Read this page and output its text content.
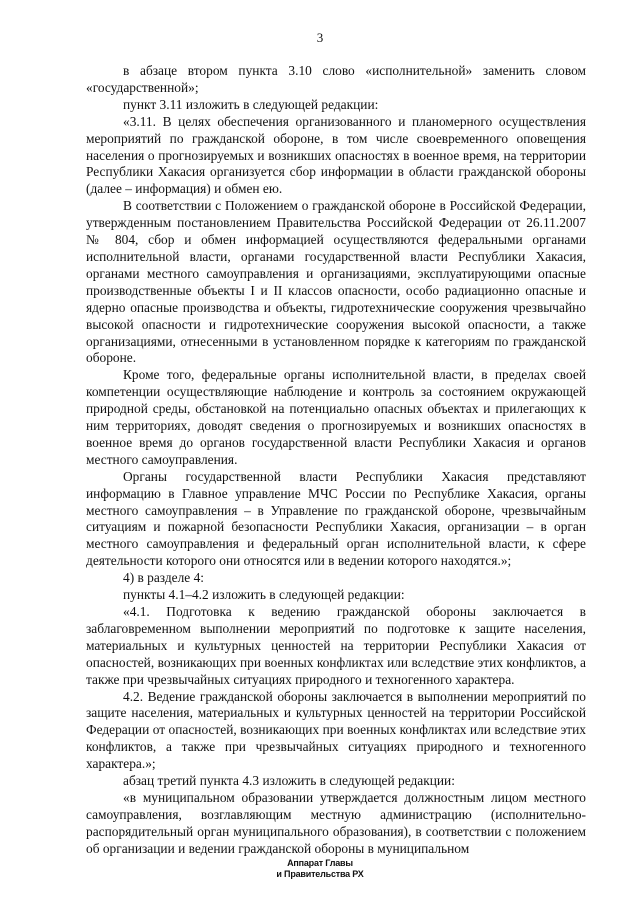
3

в абзаце втором пункта 3.10 слово «исполнительной» заменить словом «государственной»;

пункт 3.11 изложить в следующей редакции:

«3.11. В целях обеспечения организованного и планомерного осуществления мероприятий по гражданской обороне, в том числе своевременного оповещения населения о прогнозируемых и возникших опасностях в военное время, на территории Республики Хакасия организуется сбор информации в области гражданской обороны (далее – информация) и обмен ею.

В соответствии с Положением о гражданской обороне в Российской Федерации, утвержденным постановлением Правительства Российской Федерации от 26.11.2007 № 804, сбор и обмен информацией осуществляются федеральными органами исполнительной власти, органами государственной власти Республики Хакасия, органами местного самоуправления и организациями, эксплуатирующими опасные производственные объекты I и II классов опасности, особо радиационно опасные и ядерно опасные производства и объекты, гидротехнические сооружения чрезвычайно высокой опасности и гидротехнические сооружения высокой опасности, а также организациями, отнесенными в установленном порядке к категориям по гражданской обороне.

Кроме того, федеральные органы исполнительной власти, в пределах своей компетенции осуществляющие наблюдение и контроль за состоянием окружающей природной среды, обстановкой на потенциально опасных объектах и прилегающих к ним территориях, доводят сведения о прогнозируемых и возникших опасностях в военное время до органов государственной власти Республики Хакасия и органов местного самоуправления.

Органы государственной власти Республики Хакасия представляют информацию в Главное управление МЧС России по Республике Хакасия, органы местного самоуправления – в Управление по гражданской обороне, чрезвычайным ситуациям и пожарной безопасности Республики Хакасия, организации – в орган местного самоуправления и федеральный орган исполнительной власти, к сфере деятельности которого они относятся или в ведении которого находятся.»;

4) в разделе 4:

пункты 4.1–4.2 изложить в следующей редакции:

«4.1. Подготовка к ведению гражданской обороны заключается в заблаговременном выполнении мероприятий по подготовке к защите населения, материальных и культурных ценностей на территории Республики Хакасия от опасностей, возникающих при военных конфликтах или вследствие этих конфликтов, а также при чрезвычайных ситуациях природного и техногенного характера.

4.2. Ведение гражданской обороны заключается в выполнении мероприятий по защите населения, материальных и культурных ценностей на территории Российской Федерации от опасностей, возникающих при военных конфликтах или вследствие этих конфликтов, а также при чрезвычайных ситуациях природного и техногенного характера.»;

абзац третий пункта 4.3 изложить в следующей редакции:

«в муниципальном образовании утверждается должностным лицом местного самоуправления, возглавляющим местную администрацию (исполнительно-распорядительный орган муниципального образования), в соответствии с положением об организации и ведении гражданской обороны в муниципальном

Аппарат Главы
и Правительства РХ
